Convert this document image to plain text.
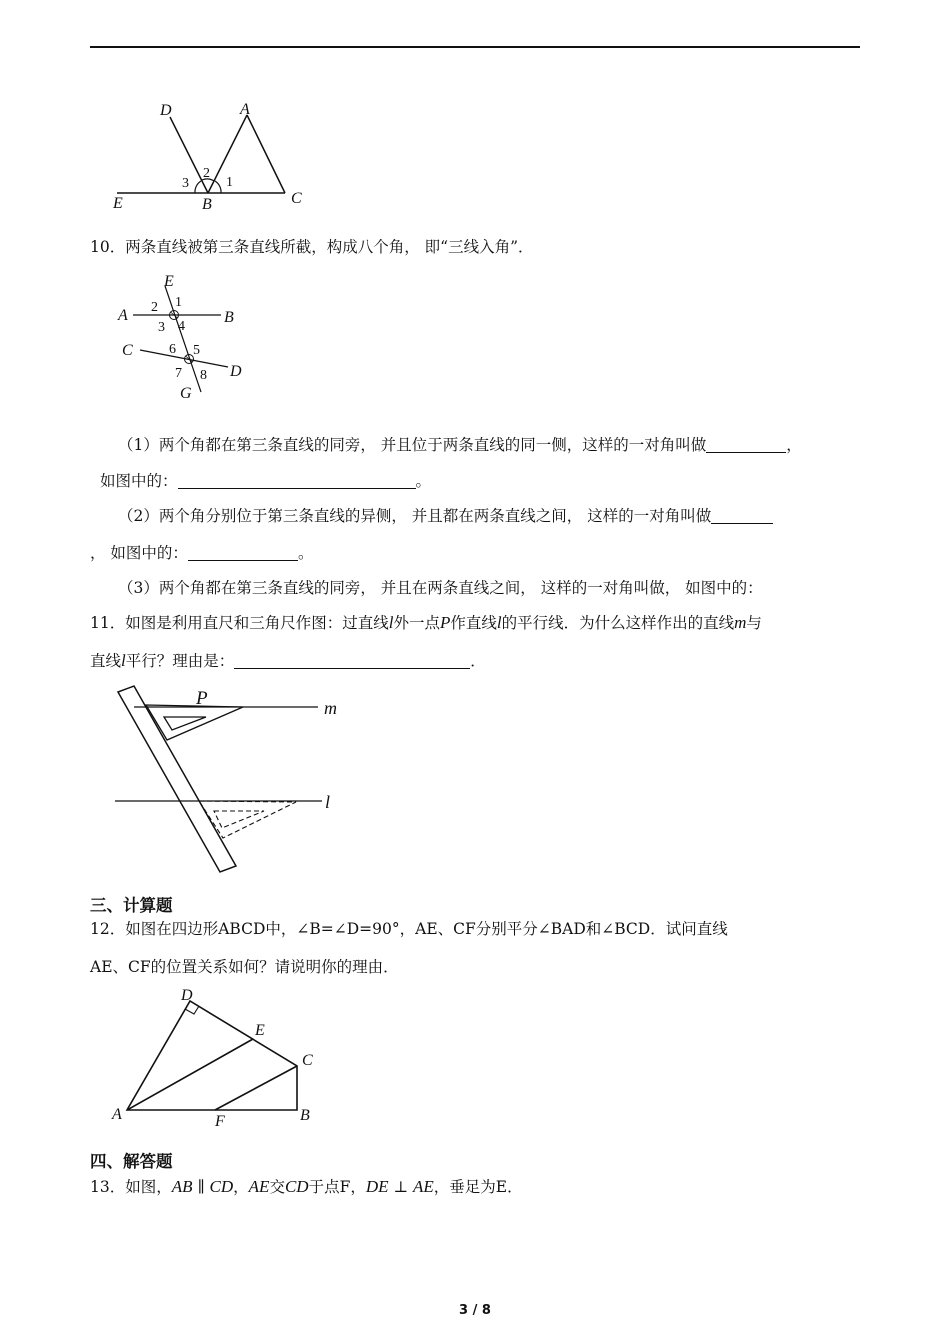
D	A
2
3	1
E	B	C
10．两条直线被第三条直线所截，构成八个角， 即“三线入角”．
E
A	B
C
D
G
1
2
3 4
5
6
7 8
（1）两个角都在第三条直线的同旁， 并且位于两条直线的同一侧，这样的一对角叫做	，
如图中的：	。
（2）两个角分别位于第三条直线的异侧， 并且都在两条直线之间， 这样的一对角叫做
， 如图中的：	。
（3）两个角都在第三条直线的同旁， 并且在两条直线之间， 这样的一对角叫做， 如图中的：
11．如图是利用直尺和三角尺作图：过直线l外一点P作直线l的平行线．为什么这样作出的直线m与
直线l平行？理由是：	．
P	m
l
三、计算题
12．如图在四边形ABCD中，∠B=∠D=90°，AE、CF分别平分∠BAD和∠BCD．试问直线
AE、CF的位置关系如何？请说明你的理由．
D
E
C
A	F	B
四、解答题
13．如图，AB ∥ CD，AE交CD于点F，DE ⊥ AE，垂足为E．
3 / 8
